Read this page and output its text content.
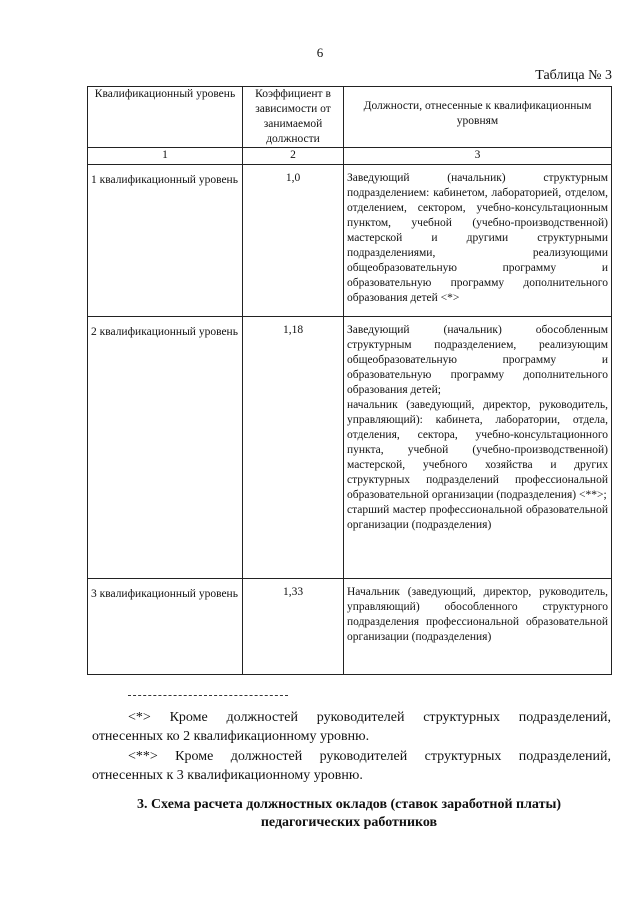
6
Таблица № 3
Квалификационный уровень	Коэффициент в зависимости от занимаемой должности	Должности, отнесенные к квалификационным уровням
1	2	3
1 квалификационный уровень	1,0	Заведующий (начальник) структурным подразделением: кабинетом, лабораторией, отделом, отделением, сектором, учебно-консультационным пунктом, учебной (учебно-производственной) мастерской и другими структурными подразделениями, реализующими общеобразовательную программу и образовательную программу дополнительного образования детей <*>

2 квалификационный уровень	1,18	Заведующий (начальник) обособленным структурным подразделением, реализующим общеобразовательную программу и образовательную программу дополнительного образования детей;
начальник (заведующий, директор, руководитель, управляющий): кабинета, лаборатории, отдела, отделения, сектора, учебно-консультационного пункта, учебной (учебно-производственной) мастерской, учебного хозяйства и других структурных подразделений профессиональной образовательной организации (подразделения) <**>;
старший мастер профессиональной образовательной организации (подразделения)

3 квалификационный уровень	1,33	Начальник (заведующий, директор, руководитель, управляющий) обособленного структурного подразделения профессиональной образовательной организации (подразделения)
<*> Кроме должностей руководителей структурных подразделений,
отнесенных ко 2 квалификационному уровню.
<**> Кроме должностей руководителей структурных подразделений,
отнесенных к 3 квалификационному уровню.
3. Схема расчета должностных окладов (ставок заработной платы)
педагогических работников
